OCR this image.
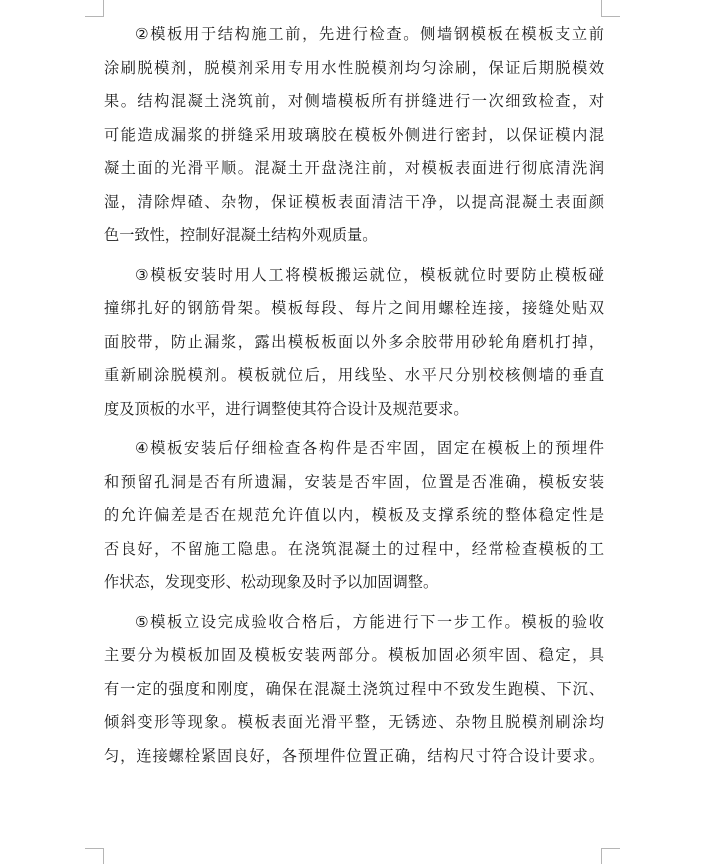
②模板用于结构施工前，先进行检查。侧墙钢模板在模板支立前
涂刷脱模剂，脱模剂采用专用水性脱模剂均匀涂刷，保证后期脱模效
果。结构混凝土浇筑前，对侧墙模板所有拼缝进行一次细致检查，对
可能造成漏浆的拼缝采用玻璃胶在模板外侧进行密封，以保证模内混
凝土面的光滑平顺。混凝土开盘浇注前，对模板表面进行彻底清洗润
湿，清除焊碴、杂物，保证模板表面清洁干净，以提高混凝土表面颜
色一致性，控制好混凝土结构外观质量。
③模板安装时用人工将模板搬运就位，模板就位时要防止模板碰
撞绑扎好的钢筋骨架。模板每段、每片之间用螺栓连接，接缝处贴双
面胶带，防止漏浆，露出模板板面以外多余胶带用砂轮角磨机打掉，
重新刷涂脱模剂。模板就位后，用线坠、水平尺分别校核侧墙的垂直
度及顶板的水平，进行调整使其符合设计及规范要求。
④模板安装后仔细检查各构件是否牢固，固定在模板上的预埋件
和预留孔洞是否有所遗漏，安装是否牢固，位置是否准确，模板安装
的允许偏差是否在规范允许值以内，模板及支撑系统的整体稳定性是
否良好，不留施工隐患。在浇筑混凝土的过程中，经常检查模板的工
作状态，发现变形、松动现象及时予以加固调整。
⑤模板立设完成验收合格后，方能进行下一步工作。模板的验收
主要分为模板加固及模板安装两部分。模板加固必须牢固、稳定，具
有一定的强度和刚度，确保在混凝土浇筑过程中不致发生跑模、下沉、
倾斜变形等现象。模板表面光滑平整，无锈迹、杂物且脱模剂刷涂均
匀，连接螺栓紧固良好，各预埋件位置正确，结构尺寸符合设计要求。
